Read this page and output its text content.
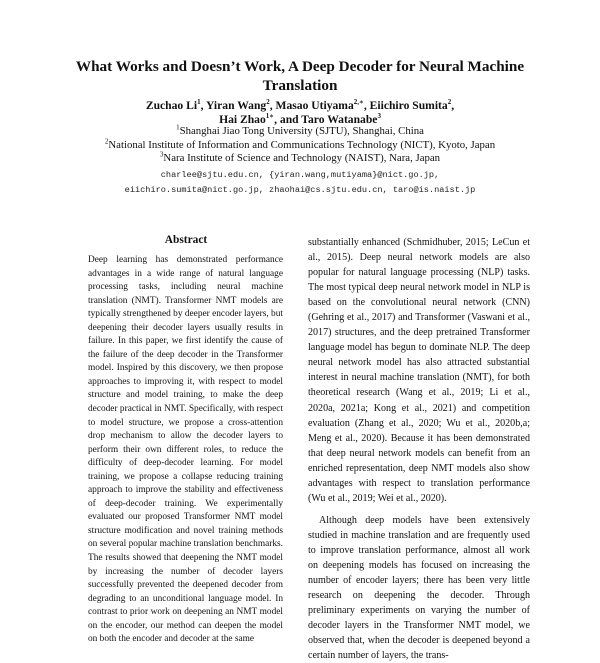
What Works and Doesn’t Work, A Deep Decoder for Neural Machine Translation
Zuchao Li$^1$, Yiran Wang$^2$, Masao Utiyama$^{2,∗}$, Eiichiro Sumita$^2$,
Hai Zhao$^{1∗}$, and Taro Watanabe$^3$
$^1$Shanghai Jiao Tong University (SJTU), Shanghai, China
$^2$National Institute of Information and Communications Technology (NICT), Kyoto, Japan
$^3$Nara Institute of Science and Technology (NAIST), Nara, Japan
charlee@sjtu.edu.cn, {yiran.wang,mutiyama}@nict.go.jp,
eiichiro.sumita@nict.go.jp, zhaohai@cs.sjtu.edu.cn, taro@is.naist.jp
Abstract
Deep learning has demonstrated performance advantages in a wide range of natural language processing tasks, including neural machine translation (NMT). Transformer NMT models are typically strengthened by deeper encoder layers, but deepening their decoder layers usually results in failure. In this paper, we first identify the cause of the failure of the deep decoder in the Transformer model. Inspired by this discovery, we then propose approaches to improving it, with respect to model structure and model training, to make the deep decoder practical in NMT. Specifically, with respect to model structure, we propose a cross-attention drop mechanism to allow the decoder layers to perform their own different roles, to reduce the difficulty of deep-decoder learning. For model training, we propose a collapse reducing training approach to improve the stability and effectiveness of deep-decoder training. We experimentally evaluated our proposed Transformer NMT model structure modification and novel training methods on several popular machine translation benchmarks. The results showed that deepening the NMT model by increasing the number of decoder layers successfully prevented the deepened decoder from degrading to an unconditional language model. In contrast to prior work on deepening an NMT model on the encoder, our method can deepen the model on both the encoder and decoder at the same

substantially enhanced (Schmidhuber, 2015; LeCun et al., 2015). Deep neural network models are also popular for natural language processing (NLP) tasks. The most typical deep neural network model in NLP is based on the convolutional neural network (CNN) (Gehring et al., 2017) and Transformer (Vaswani et al., 2017) structures, and the deep pretrained Transformer language model has begun to dominate NLP. The deep neural network model has also attracted substantial interest in neural machine translation (NMT), for both theoretical research (Wang et al., 2019; Li et al., 2020a, 2021a; Kong et al., 2021) and competition evaluation (Zhang et al., 2020; Wu et al., 2020b,a; Meng et al., 2020). Because it has been demonstrated that deep neural network models can benefit from an enriched representation, deep NMT models also show advantages with respect to translation performance (Wu et al., 2019; Wei et al., 2020).

Although deep models have been extensively studied in machine translation and are frequently used to improve translation performance, almost all work on deepening models has focused on increasing the number of encoder layers; there has been very little research on deepening the decoder. Through preliminary experiments on varying the number of decoder layers in the Transformer NMT model, we observed that, when the decoder is deepened beyond a certain number of layers, the trans-
